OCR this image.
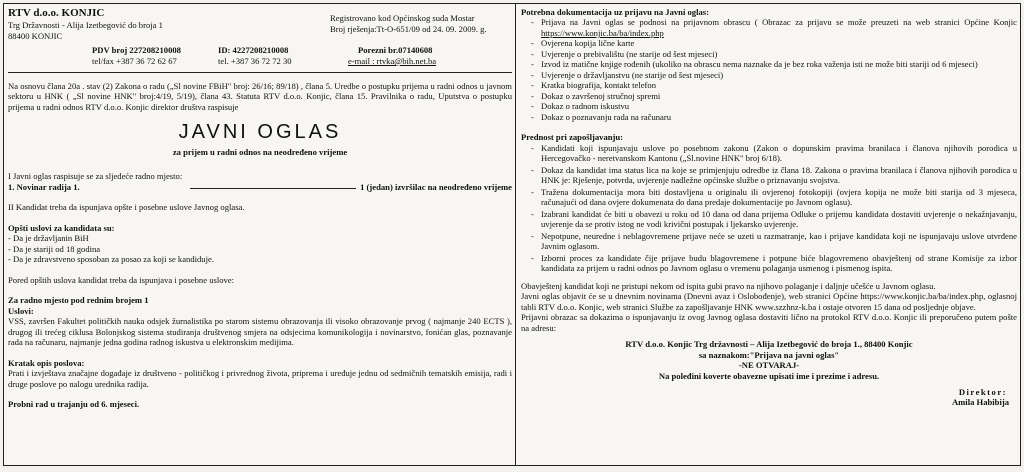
RTV d.o.o. KONJIC
Trg Državnosti - Alija Izetbegović do broja 1
88400 KONJIC
Registrovano kod Općinskog suda Mostar
Broj rješenja:Tt-O-651/09 od 24. 09. 2009. g.
PDV broj 227208210008	ID: 4227208210008	Porezni br.07140608
tel/fax +387 36 72 62 67	tel. +387 36 72 72 30	e-mail : rtvka@bih.net.ba

Na osnovu člana 20a . stav (2) Zakona o radu („Sl novine FBiH" broj: 26/16; 89/18) , člana 5. Uredbe o postupku prijema u radni odnos u javnom sektoru u HNK ( „Sl novine HNK" broj:4/19, 5/19), člana 43. Statuta RTV d.o.o. Konjic, člana 15. Pravilnika o radu, Uputstva o postupku prijema u radni odnos RTV d.o.o. Konjic direktor društva raspisuje

JAVNI OGLAS
za prijem u radni odnos na neodređeno vrijeme

I Javni oglas raspisuje se za sljedeće radno mjesto:

1. Novinar radija 1.	1 (jedan) izvršilac na neodređeno vrijeme

II Kandidat treba da ispunjava opšte i posebne uslove Javnog oglasa.

Opšti uslovi za kandidata su:

- Da je državljanin BiH

- Da je stariji od 18 godina

- Da je zdravstveno sposoban za posao za koji se kandiduje.

Pored opštih uslova kandidat treba da ispunjava i posebne uslove:

Za radno mjesto pod rednim brojem 1

Uslovi:

VSS, završen Fakultet političkih nauka odsjek žurnalistika po starom sistemu obrazovanja ili visoko obrazovanje prvog ( najmanje 240 ECTS ), drugog ili trećeg ciklusa Bolonjskog sistema studiranja društvenog smjera na odsjecima komunikologija i novinarstvo, fonićan glas, poznavanje rada na računaru, najmanje jedna godina radnog iskustva u elektronskim medijima.

Kratak opis poslova:

Prati i izvještava značajne događaje iz društveno - političkog i privrednog života, priprema i uređuje jednu od sedmičnih tematskih emisija, radi i druge poslove po nalogu urednika radija.

Probni rad u trajanju od 6. mjeseci.

Potrebna dokumentacija uz prijavu na Javni oglas:

- Prijava na Javni oglas se podnosi na prijavnom obrascu ( Obrazac za prijavu se može preuzeti na web stranici Općine Konjic https://www.konjic.ba/ba/index.php
- Ovjerena kopija lične karte
- Uvjerenje o prebivalištu (ne starije od šest mjeseci)
- Izvod iz matične knjige rođenih (ukoliko na obrascu nema naznake da je bez roka važenja isti ne može biti stariji od 6 mjeseci)
- Uvjerenje o državljanstvu (ne starije od šest mjeseci)
- Kratka biografija, kontakt telefon
- Dokaz o završenoj stručnoj spremi
- Dokaz o radnom iskustvu
- Dokaz o poznavanju rada na računaru

Prednost pri zapošljavanju:

- Kandidati koji ispunjavaju uslove po posebnom zakonu (Zakon o dopunskim pravima branilaca i članova njihovih porodica u Hercegovačko - neretvanskom Kantonu („Sl.novine HNK" broj 6/18).
- Dokaz da kandidat ima status lica na koje se primjenjuju odredbe iz člana 18. Zakona o pravima branilaca i članova njihovih porodica u HNK je: Rješenje, potvrda, uvjerenje nadležne općinske službe o priznavanju svojstva.
- Tražena dokumentacija mora biti dostavljena u originalu ili ovjerenoj fotokopiji (ovjera kopija ne može biti starija od 3 mjeseca, računajući od dana ovjere dokumenata do dana predaje dokumentacije po Javnom oglasu).
- Izabrani kandidat će biti u obavezi u roku od 10 dana od dana prijema Odluke o prijemu kandidata dostaviti uvjerenje o nekažnjavanju, uvjerenje da se protiv istog ne vodi krivični postupak i ljekarsko uvjerenje.
- Nepotpune, neuredne i neblagovremene prijave neće se uzeti u razmatranje, kao i prijave kandidata koji ne ispunjavaju uslove utvrđene Javnim oglasom.
- Izborni proces za kandidate čije prijave budu blagovremene i potpune biće blagovremeno obavještenj od strane Komisije za izbor kandidata za prijem u radni odnos po Javnom oglasu o vremenu polaganja usmenog i pismenog ispita.

Obavještenj kandidat koji ne pristupi nekom od ispita gubi pravo na njihovo polaganje i daljnje učešće u Javnom oglasu.

Javni oglas objavit će se u dnevnim novinama (Dnevni avaz i Oslobođenje), web stranici Općine https://www.konjic.ba/ba/index.php, oglasnoj tabli RTV d.o.o. Konjic, web stranici Službe za zapošljavanje HNK www.szzhnz-k.ba i ostaje otvoren 15 dana od posljednje objave.

Prijavni obrazac sa dokazima o ispunjavanju iz ovog Javnog oglasa dostaviti lično na protokol RTV d.o.o. Konjic ili preporučeno putem pošte na adresu:

RTV d.o.o. Konjic Trg državnosti – Alija Izetbegović do broja 1., 88400 Konjic

sa naznakom:"Prijava na javni oglas"

-NE OTVARAJ-

Na poleđini koverte obavezne upisati ime i prezime i adresu.

Direktor:

Amila Habibija
